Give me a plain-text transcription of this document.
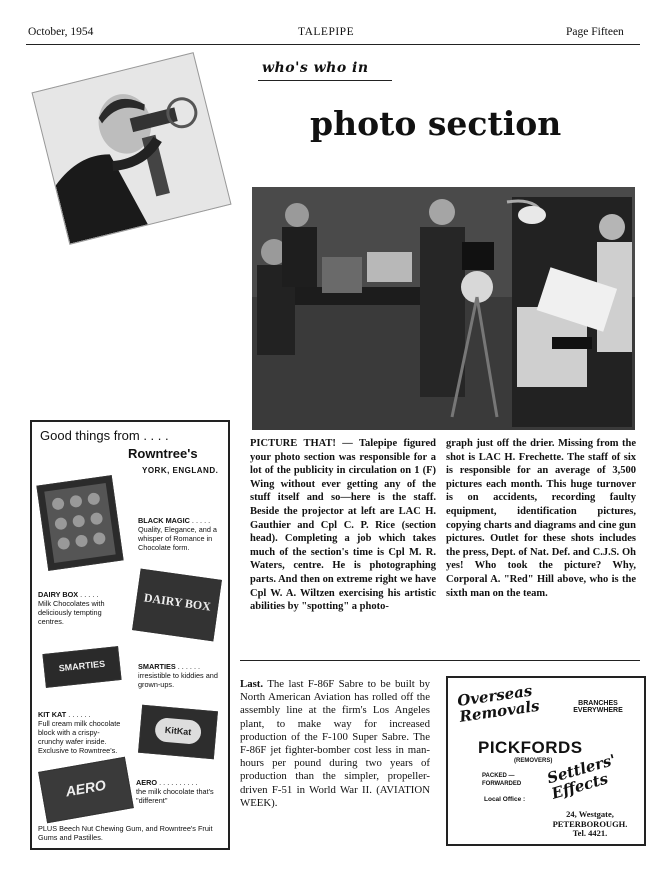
October, 1954	TALEPIPE	Page Fifteen
who's who in
photo section
PICTURE THAT! — Talepipe figured your photo section was responsible for a lot of the publicity in circulation on 1 (F) Wing without ever getting any of the stuff itself and so—here is the staff. Beside the projector at left are LAC H. Gauthier and Cpl C. P. Rice (section head). Completing a job which takes much of the section's time is Cpl M. R. Waters, centre. He is photographing parts. And then on extreme right we have Cpl W. A. Wiltzen exercising his artistic abilities by "spotting" a photo-
graph just off the drier. Missing from the shot is LAC H. Frechette. The staff of six is responsible for an average of 3,500 pictures each month. This huge turnover is on accidents, recording faulty equipment, identification pictures, copying charts and diagrams and cine gun pictures. Outlet for these shots includes the press, Dept. of Nat. Def. and C.J.S. Oh yes! Who took the picture? Why, Corporal A. "Red" Hill above, who is the sixth man on the team.
Last. The last F-86F Sabre to be built by North American Aviation has rolled off the assembly line at the firm's Los Angeles plant, to make way for increased production of the F-100 Super Sabre. The F-86F jet fighter-bomber cost less in man-hours per pound during two years of production than the simpler, propeller-driven F-51 in World War II. (AVIATION WEEK).
Good things from . . . .
Rowntree's
YORK, ENGLAND.
BLACK MAGIC . . . . .
Quality, Elegance, and a whisper of Romance in Chocolate form.
DAIRY BOX . . . . .
Milk Chocolates with deliciously tempting centres.
DAIRY BOX
SMARTIES	SMARTIES . . . . . .
irresistible to kiddies and grown-ups.
KIT KAT . . . . . .
Full cream milk chocolate block with a crispy-crunchy wafer inside. Exclusive to Rowntree's.
KitKat
AERO	AERO . . . . . . . . . .
the milk chocolate that's "different"
PLUS Beech Nut Chewing Gum, and Rowntree's Fruit Gums and Pastilles.
Overseas Removals	BRANCHES EVERYWHERE
PICKFORDS
(REMOVERS)
PACKED — FORWARDED	Settlers' Effects
Local Office :
24, Westgate,
PETERBOROUGH.
Tel. 4421.
